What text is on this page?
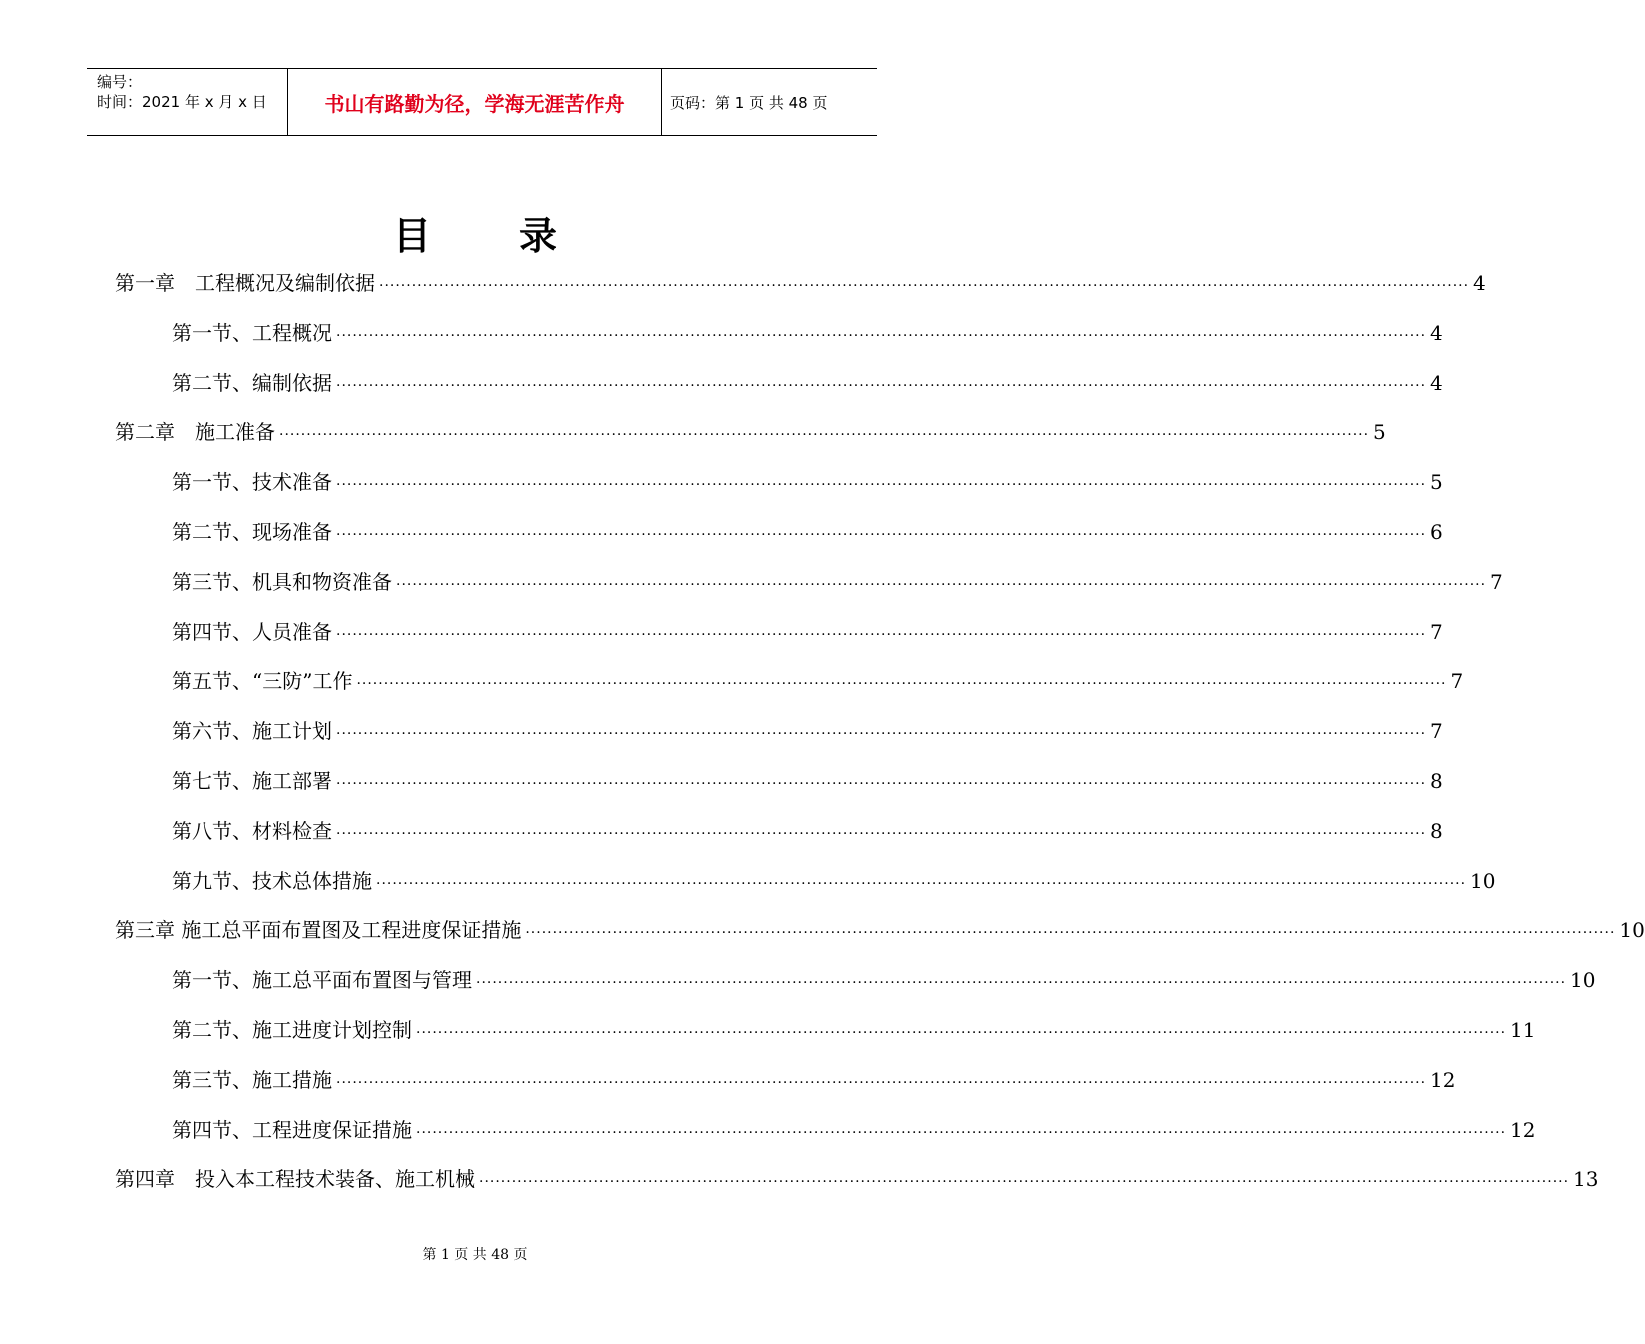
编号：
时间：2021 年 x 月 x 日	书山有路勤为径，学海无涯苦作舟	页码：第 1 页 共 48 页
目录
第一章　工程概况及编制依据 ········································································································································································································ 4
第一节、工程概况 ········································································································································································································ 4
第二节、编制依据 ········································································································································································································ 4
第二章　施工准备 ········································································································································································································ 5
第一节、技术准备 ········································································································································································································ 5
第二节、现场准备 ········································································································································································································ 6
第三节、机具和物资准备 ········································································································································································································ 7
第四节、人员准备 ········································································································································································································ 7
第五节、“三防”工作 ········································································································································································································ 7
第六节、施工计划 ········································································································································································································ 7
第七节、施工部署 ········································································································································································································ 8
第八节、材料检查 ········································································································································································································ 8
第九节、技术总体措施 ········································································································································································································ 10
第三章 施工总平面布置图及工程进度保证措施 ········································································································································································································ 10
第一节、施工总平面布置图与管理 ········································································································································································································ 10
第二节、施工进度计划控制 ········································································································································································································ 11
第三节、施工措施 ········································································································································································································ 12
第四节、工程进度保证措施 ········································································································································································································ 12
第四章　投入本工程技术装备、施工机械 ········································································································································································································ 13
第 1 页 共 48 页
